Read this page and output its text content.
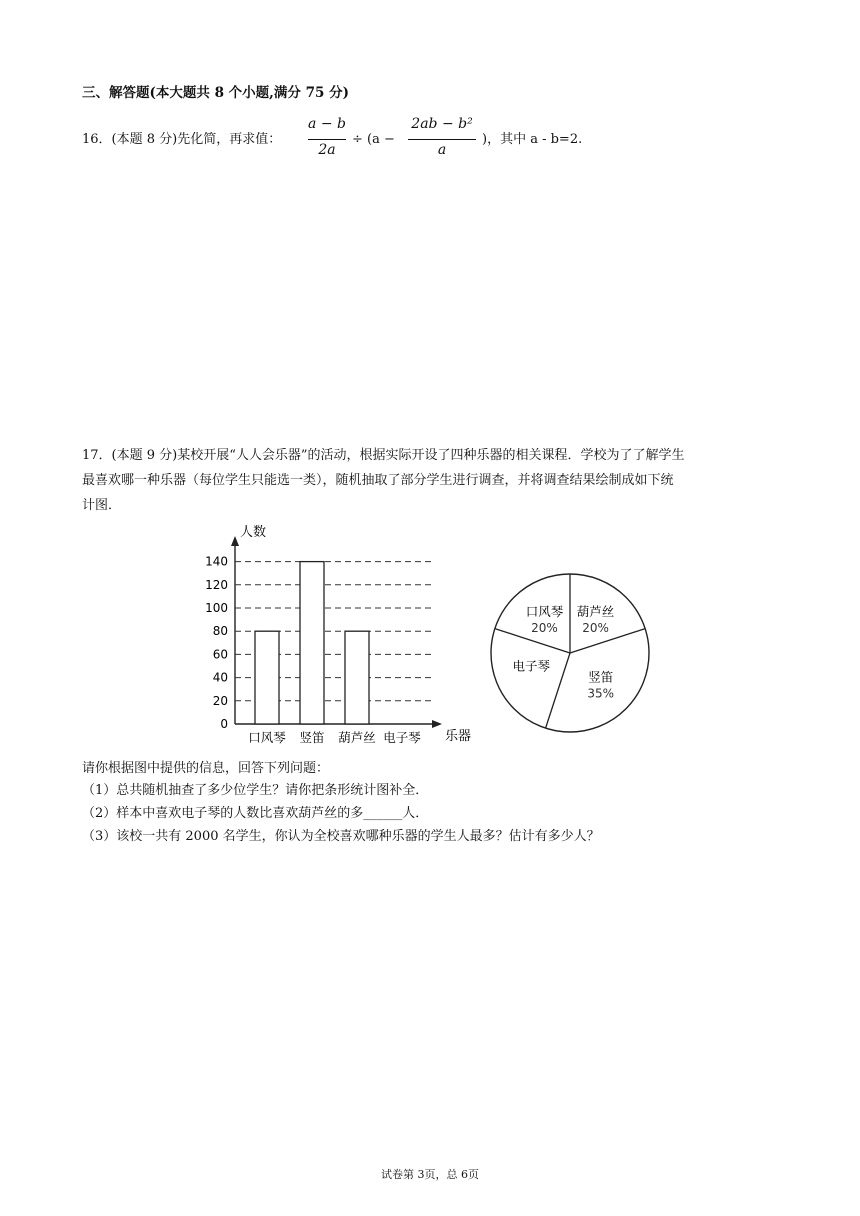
三、解答题(本大题共 8 个小题,满分 75 分)
16．(本题 8 分)先化简，再求值：
a − b
2a
÷ (a −
2ab − b²
a
)，其中 a - b=2.
17．(本题 9 分)某校开展“人人会乐器”的活动，根据实际开设了四种乐器的相关课程．学校为了了解学生
最喜欢哪一种乐器（每位学生只能选一类），随机抽取了部分学生进行调查，并将调查结果绘制成如下统
计图．
0
20
40
60
80
100
120
140
口风琴 竖笛 葫芦丝 电子琴
人数
乐器
葫芦丝
20%
竖笛
35%
电子琴
口风琴
20%
请你根据图中提供的信息，回答下列问题：
（1）总共随机抽查了多少位学生？请你把条形统计图补全．
（2）样本中喜欢电子琴的人数比喜欢葫芦丝的多______人．
（3）该校一共有 2000 名学生，你认为全校喜欢哪种乐器的学生人最多？估计有多少人？
试卷第 3页，总 6页
